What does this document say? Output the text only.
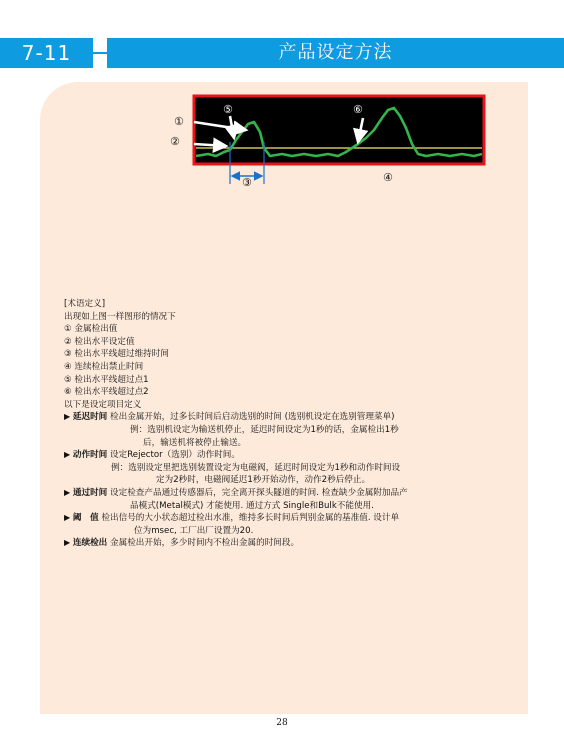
7-11	产品设定方法
①
②
③	④
⑤	⑥
[术语定义]
出现如上图一样图形的情况下
① 金属检出值
② 检出水平设定值
③ 检出水平线超过维持时间
④ 连续检出禁止时间
⑤ 检出水平线超过点1
⑥ 检出水平线超过点2
以下是设定项目定义
▶ 延迟时间 检出金属开始，过多长时间后启动选别的时间 (选别机设定在选别管理菜单)
例：选别机设定为输送机停止，延迟时间设定为1秒的话，金属检出1秒
后，输送机将被停止输送。
▶ 动作时间 设定Rejector（选别）动作时间。
例：选别设定里把选别装置设定为电磁阀，延迟时间设定为1秒和动作时间设
定为2秒时，电磁阀延迟1秒开始动作，动作2秒后停止。
▶ 通过时间 设定检查产品通过传感器后，完全离开探头隧道的时间. 检查缺少金属附加品产
品模式(Metal模式) 才能使用. 通过方式 Single和Bulk不能使用.
▶ 阈　值 检出信号的大小状态超过检出水准，维持多长时间后判别金属的基准值. 设计单
位为msec, 工厂出厂设置为20.
▶ 连续检出 金属检出开始，多少时间内不检出金属的时间段。
28
